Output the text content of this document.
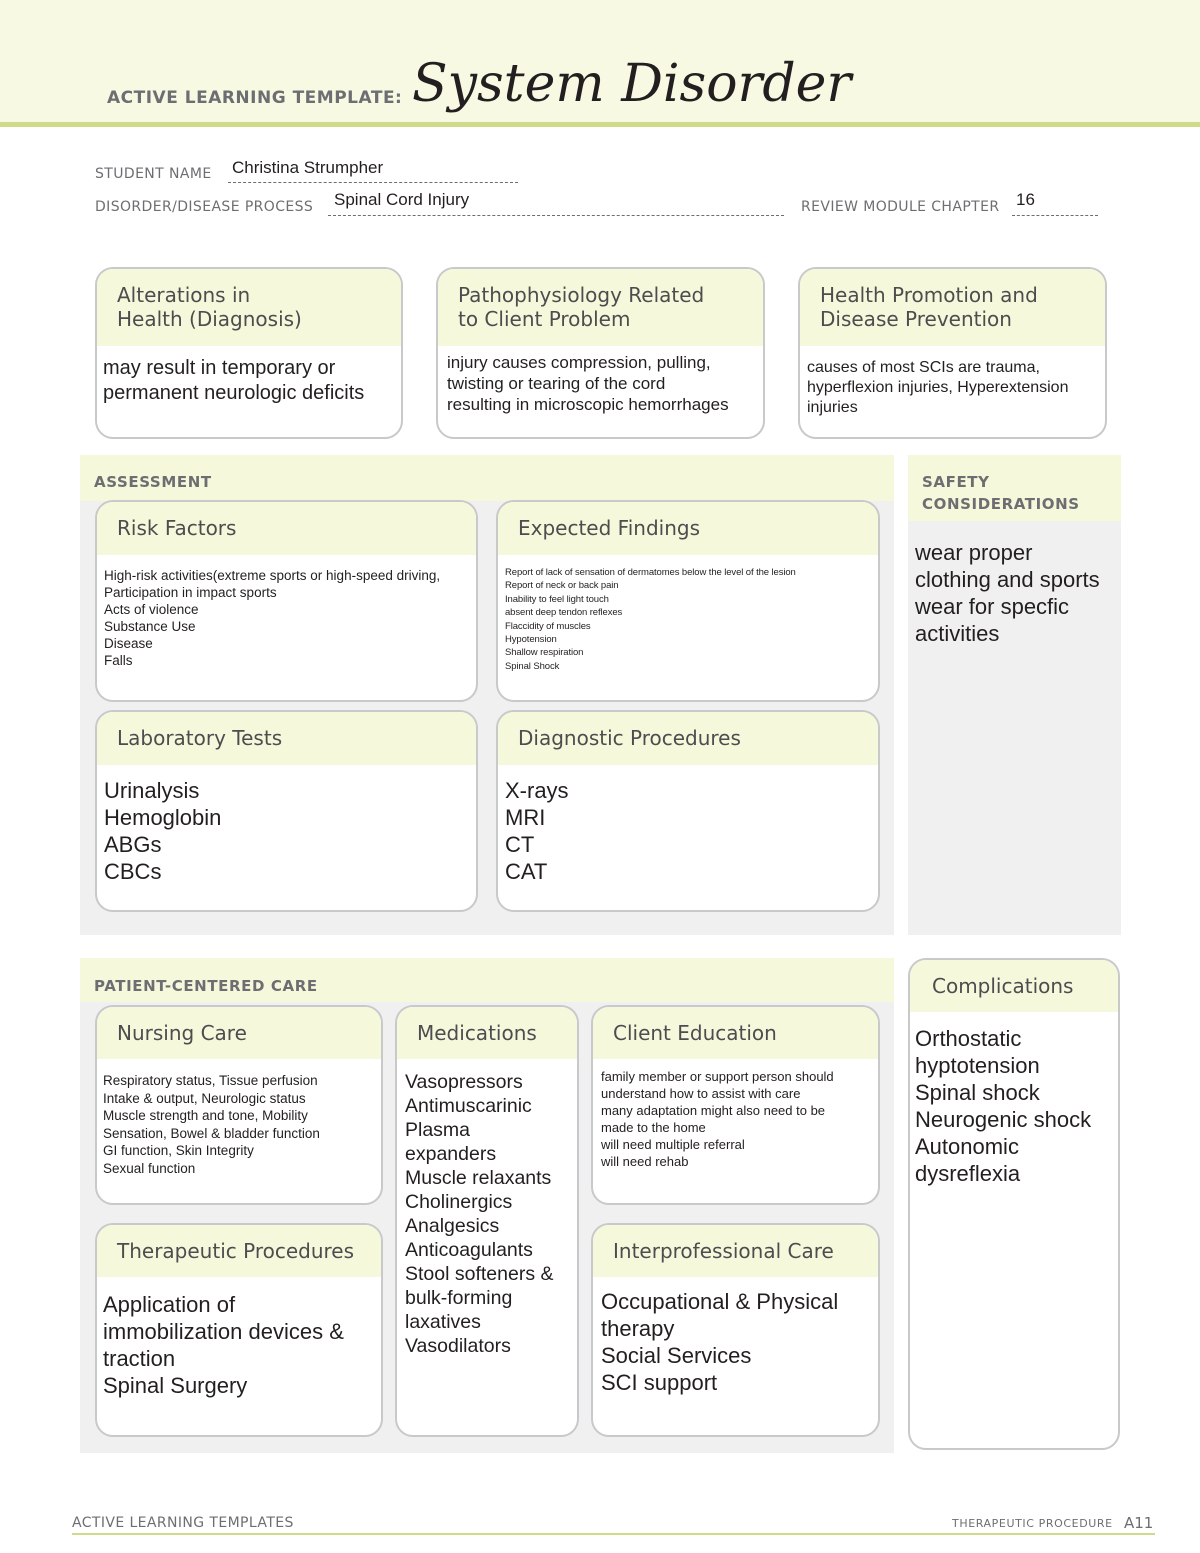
ACTIVE LEARNING TEMPLATE: System Disorder
STUDENT NAME Christina Strumpher
DISORDER/DISEASE PROCESS Spinal Cord Injury	REVIEW MODULE CHAPTER 16
Alterations in
Health (Diagnosis)
may result in temporary or
permanent neurologic deficits
Pathophysiology Related
to Client Problem
injury causes compression, pulling,
twisting or tearing of the cord
resulting in microscopic hemorrhages
Health Promotion and
Disease Prevention
causes of most SCIs are trauma,
hyperflexion injuries, Hyperextension
injuries
ASSESSMENT
Risk Factors
High-risk activities(extreme sports or high-speed driving,
Participation in impact sports
Acts of violence
Substance Use
Disease
Falls
Expected Findings
Report of lack of sensation of dermatomes below the level of the lesion
Report of neck or back pain
Inability to feel light touch
absent deep tendon reflexes
Flaccidity of muscles
Hypotension
Shallow respiration
Spinal Shock
Laboratory Tests
Urinalysis
Hemoglobin
ABGs
CBCs
Diagnostic Procedures
X-rays
MRI
CT
CAT
SAFETY
CONSIDERATIONS
wear proper
clothing and sports
wear for specfic
activities
PATIENT-CENTERED CARE
Nursing Care
Respiratory status, Tissue perfusion
Intake & output, Neurologic status
Muscle strength and tone, Mobility
Sensation, Bowel & bladder function
GI function, Skin Integrity
Sexual function
Medications
Vasopressors
Antimuscarinic
Plasma
expanders
Muscle relaxants
Cholinergics
Analgesics
Anticoagulants
Stool softeners &
bulk-forming
laxatives
Vasodilators
Client Education
family member or support person should
understand how to assist with care
many adaptation might also need to be
made to the home
will need multiple referral
will need rehab
Therapeutic Procedures
Application of
immobilization devices &
traction
Spinal Surgery
Interprofessional Care
Occupational & Physical
therapy
Social Services
SCI support
Complications
Orthostatic
hyptotension
Spinal shock
Neurogenic shock
Autonomic
dysreflexia
ACTIVE LEARNING TEMPLATES	THERAPEUTIC PROCEDURE A11
